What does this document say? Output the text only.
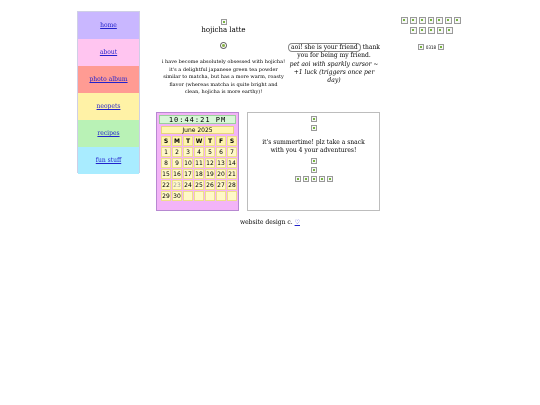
home
about
photo album
neopets
recipes
fun stuff
hojicha latte
i have become absolutely obsessed with hojicha! it's a delightful japanese green tea powder similar to matcha, but has a more warm, roasty flavor (whereas matcha is quite bright and clean, hojicha is more earthy)!
aoi! she is your friend thank you for being my friend.
pet aoi with sparkly cursor ~ +1 luck (triggers once per day)
0318
10:44:21 PM
June 2025
S M T W T	F	S
1	2	3	4	5	6	7
8	9 10 11 12 13 14
15 16 17 18 19 20 21
22 23 24 25 26 27 28
29 30
it's summertime! plz take a snack with you 4 your adventures!
website design c. ♡
